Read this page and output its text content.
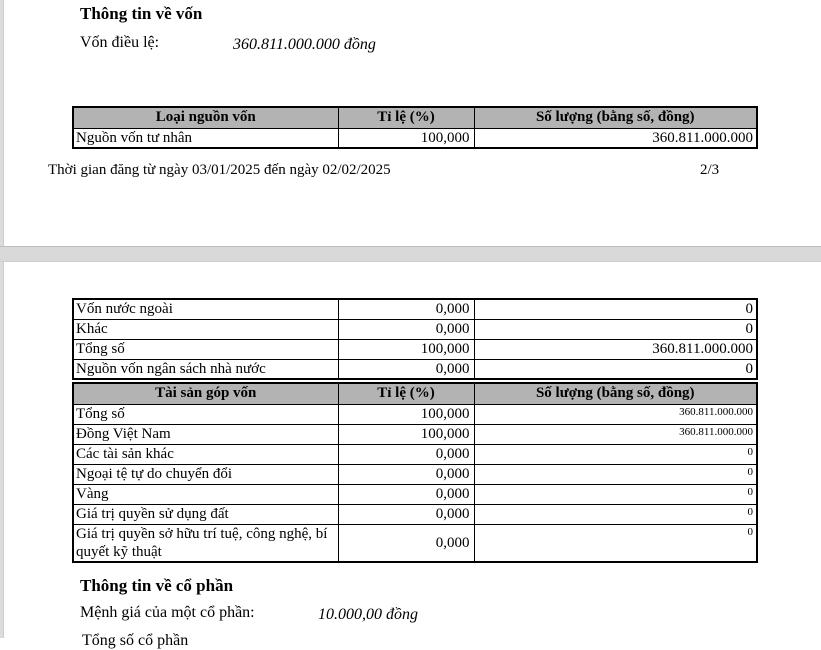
Thông tin về vốn
Vốn điều lệ:	360.811.000.000 đồng
Loại nguồn vốn	Tỉ lệ (%)	Số lượng (bằng số, đồng)
Nguồn vốn tư nhân	100,000	360.811.000.000
Thời gian đăng từ ngày 03/01/2025 đến ngày 02/02/2025	2/3
Vốn nước ngoài	0,000	0
Khác	0,000	0
Tổng số	100,000	360.811.000.000
Nguồn vốn ngân sách nhà nước	0,000	0
Tài sản góp vốn	Tỉ lệ (%)	Số lượng (bằng số, đồng)
Tổng số	100,000	360.811.000.000
Đồng Việt Nam	100,000	360.811.000.000
Các tài sản khác	0,000	0
Ngoại tệ tự do chuyển đổi	0,000	0
Vàng	0,000	0
Giá trị quyền sử dụng đất	0,000	0
Giá trị quyền sở hữu trí tuệ, công nghệ, bí quyết kỹ thuật	0,000	0
Thông tin về cổ phần
Mệnh giá của một cổ phần:	10.000,00 đồng
Tổng số cổ phần
